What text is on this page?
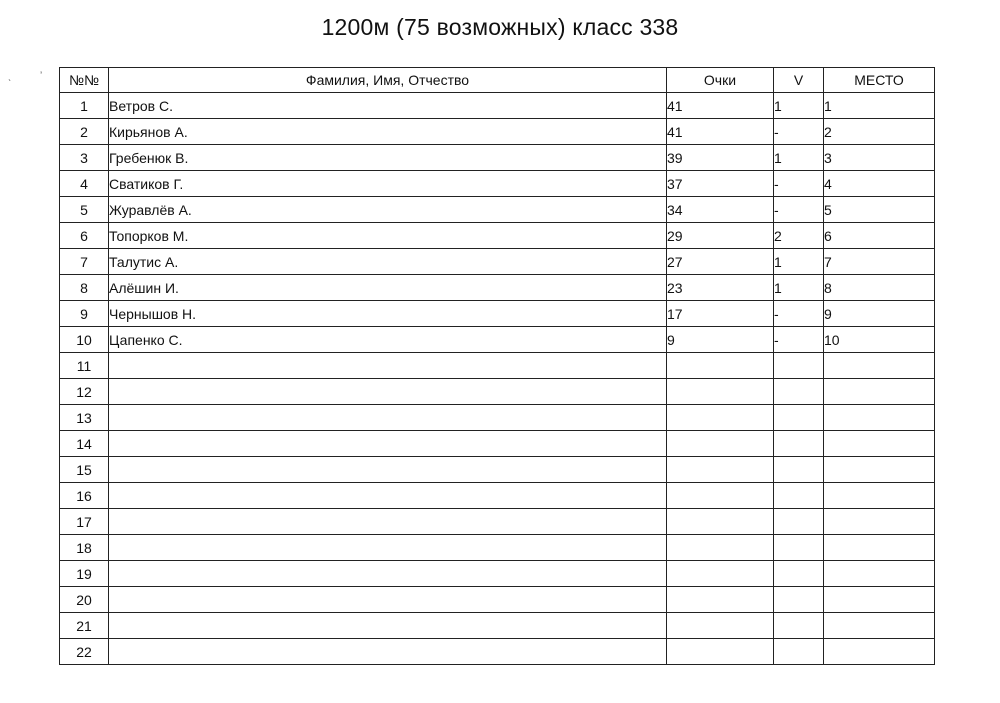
1200м (75 возможных) класс 338
ˋ
ʼ №№	Фамилия, Имя, Отчество	Очки	V	МЕСТО
1	Ветров С.	41	1	1
2	Кирьянов А.	41	-	2
3	Гребенюк В.	39	1	3
4	Сватиков Г.	37	-	4
5	Журавлёв А.	34	-	5
6	Топорков М.	29	2	6
7	Талутис А.	27	1	7
8	Алёшин И.	23	1	8
9	Чернышов Н.	17	-	9
10	Цапенко С.	9	-	10
11				
12				
13				
14				
15				
16				
17				
18				
19				
20				
21				
22				
